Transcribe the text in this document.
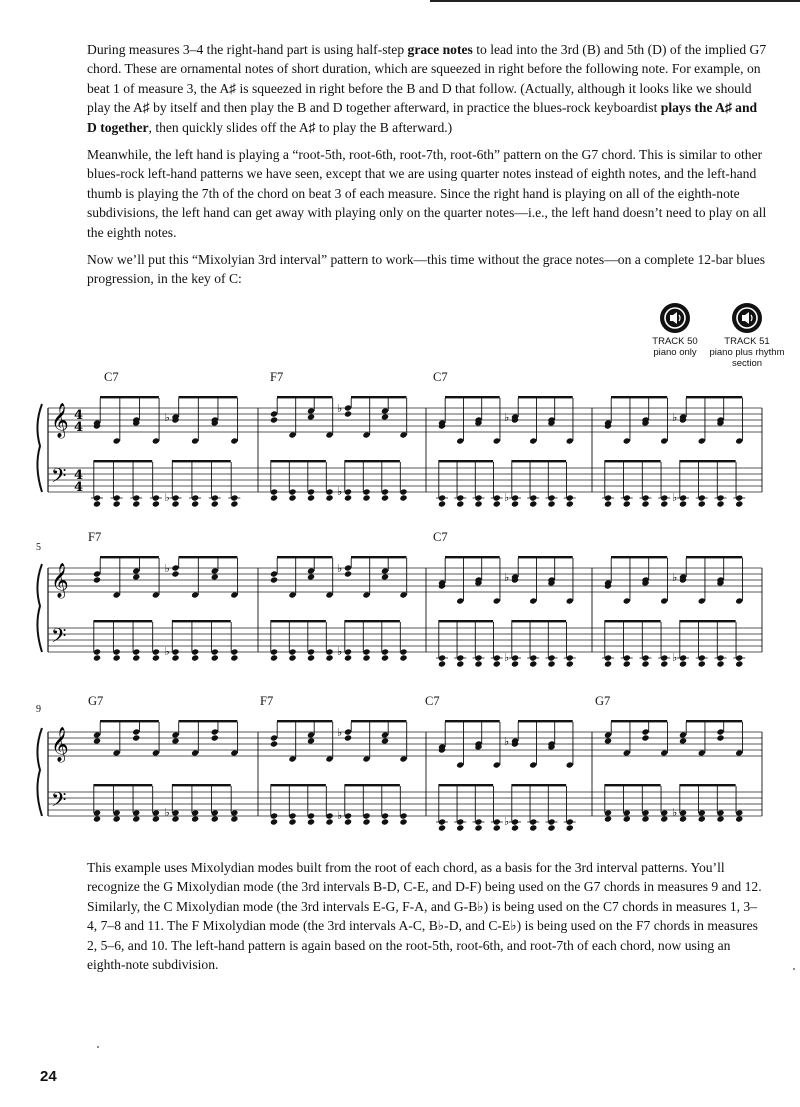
During measures 3–4 the right-hand part is using half-step grace notes to lead into the 3rd (B) and 5th (D) of the implied G7 chord. These are ornamental notes of short duration, which are squeezed in right before the following note. For example, on beat 1 of measure 3, the A♯ is squeezed in right before the B and D that follow. (Actually, although it looks like we should play the A♯ by itself and then play the B and D together afterward, in practice the blues-rock keyboardist plays the A♯ and D together, then quickly slides off the A♯ to play the B afterward.)

Meanwhile, the left hand is playing a “root-5th, root-6th, root-7th, root-6th” pattern on the G7 chord. This is similar to other blues-rock left-hand patterns we have seen, except that we are using quarter notes instead of eighth notes, and the left-hand thumb is playing the 7th of the chord on beat 3 of each measure. Since the right hand is playing on all of the eighth-note subdivisions, the left hand can get away with playing only on the quarter notes—i.e., the left hand doesn’t need to play on all the eighth notes.

Now we’ll put this “Mixolyian 3rd interval” pattern to work—this time without the grace notes—on a complete 12-bar blues progression, in the key of C:

TRACK 50
piano only
TRACK 51
piano plus rhythm section
C7	F7	C7
𝄞
𝄢
4
4
4
4
♭
♭
♭
♭
♭
♭
♭
♭
5
F7	C7
𝄞
𝄢
♭
♭
♭
♭
♭
♭
♭
♭
9
G7	F7	C7	G7
𝄞
𝄢	♭
♭
♭
♭
♭
♭

This example uses Mixolydian modes built from the root of each chord, as a basis for the 3rd interval patterns. You’ll recognize the G Mixolydian mode (the 3rd intervals B-D, C-E, and D-F) being used on the G7 chords in measures 9 and 12. Similarly, the C Mixolydian mode (the 3rd intervals E-G, F-A, and G-B♭) is being used on the C7 chords in measures 1, 3–4, 7–8 and 11. The F Mixolydian mode (the 3rd intervals A-C, B♭-D, and C-E♭) is being used on the F7 chords in measures 2, 5–6, and 10. The left-hand pattern is again based on the root-5th, root-6th, and root-7th of each chord, now using an eighth-note subdivision.

24
